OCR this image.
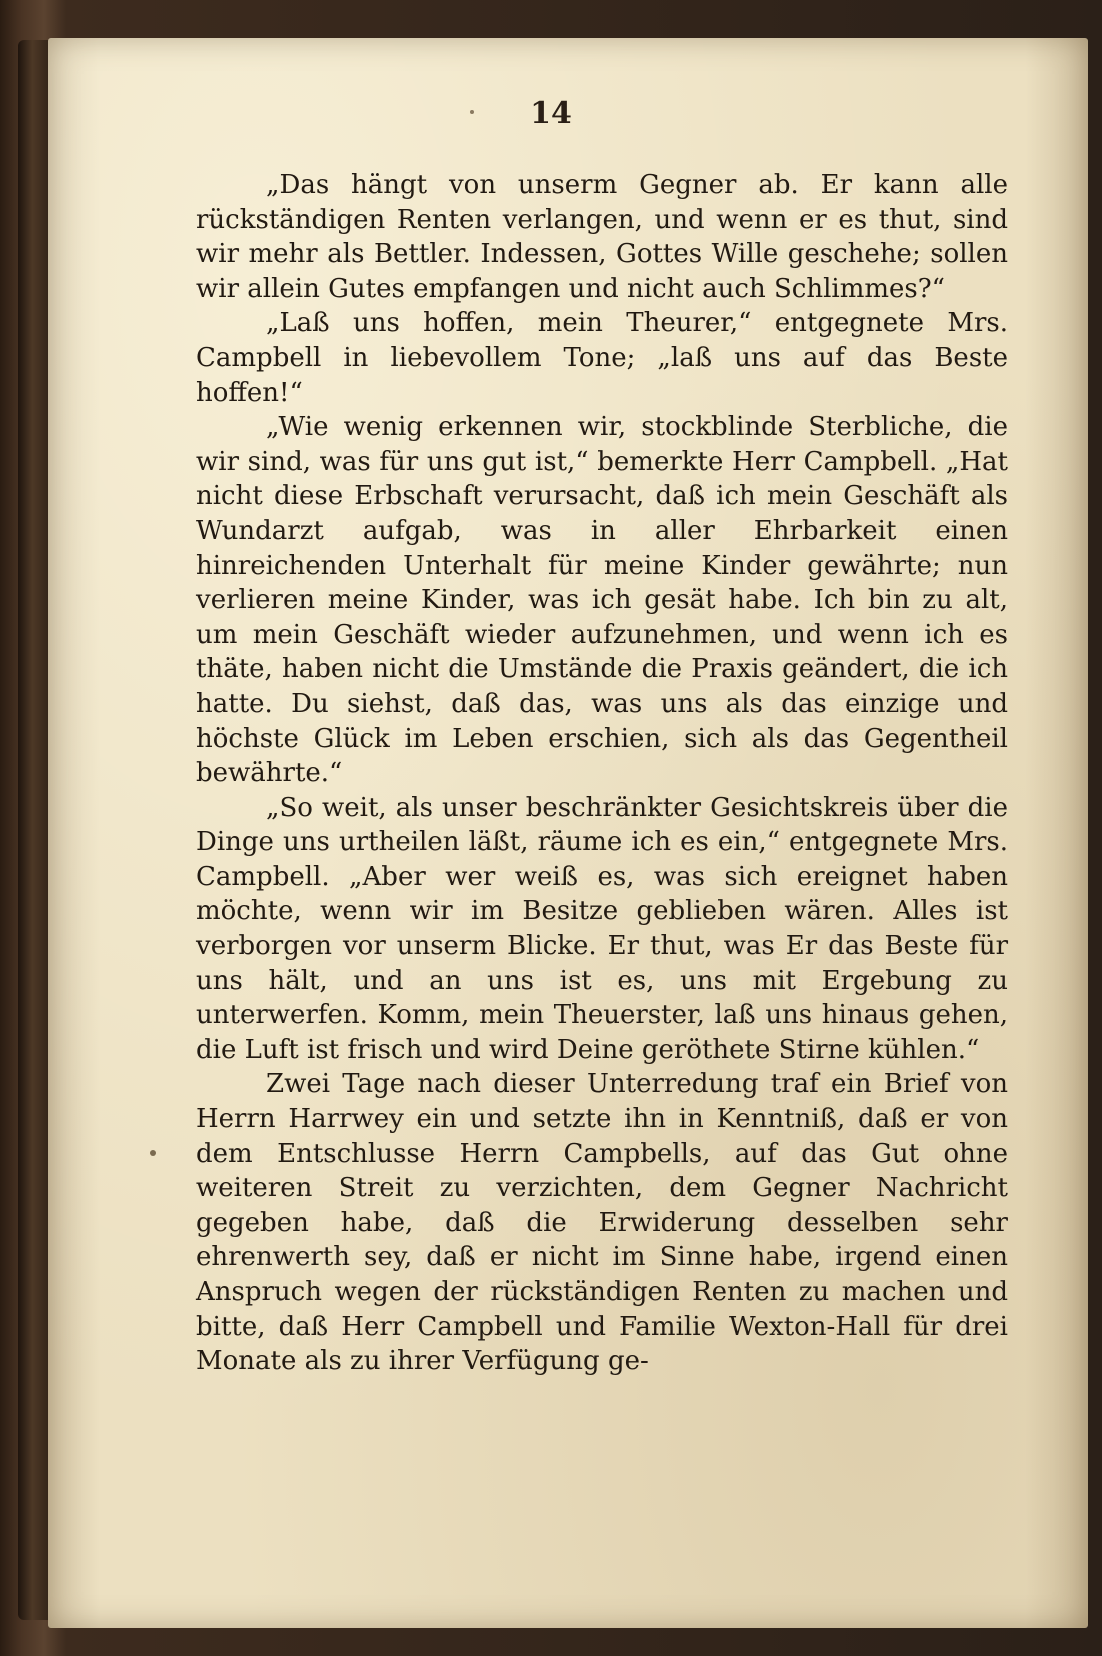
14

„Das hängt von unserm Gegner ab. Er kann alle rückständigen Renten verlangen, und wenn er es thut, sind wir mehr als Bettler. Indessen, Gottes Wille geschehe; sollen wir allein Gutes empfangen und nicht auch Schlimmes?“

„Laß uns hoffen, mein Theurer,“ entgegnete Mrs. Campbell in liebevollem Tone; „laß uns auf das Beste hoffen!“

„Wie wenig erkennen wir, stockblinde Sterbliche, die wir sind, was für uns gut ist,“ bemerkte Herr Campbell. „Hat nicht diese Erbschaft verursacht, daß ich mein Geschäft als Wundarzt aufgab, was in aller Ehrbarkeit einen hinreichenden Unterhalt für meine Kinder gewährte; nun verlieren meine Kinder, was ich gesät habe. Ich bin zu alt, um mein Geschäft wieder aufzunehmen, und wenn ich es thäte, haben nicht die Umstände die Praxis geändert, die ich hatte. Du siehst, daß das, was uns als das einzige und höchste Glück im Leben erschien, sich als das Gegentheil bewährte.“

„So weit, als unser beschränkter Gesichtskreis über die Dinge uns urtheilen läßt, räume ich es ein,“ entgegnete Mrs. Campbell. „Aber wer weiß es, was sich ereignet haben möchte, wenn wir im Besitze geblieben wären. Alles ist verborgen vor unserm Blicke. Er thut, was Er das Beste für uns hält, und an uns ist es, uns mit Ergebung zu unterwerfen. Komm, mein Theuerster, laß uns hinaus gehen, die Luft ist frisch und wird Deine geröthete Stirne kühlen.“

Zwei Tage nach dieser Unterredung traf ein Brief von Herrn Harrwey ein und setzte ihn in Kenntniß, daß er von dem Entschlusse Herrn Campbells, auf das Gut ohne weiteren Streit zu verzichten, dem Gegner Nachricht gegeben habe, daß die Erwiderung desselben sehr ehrenwerth sey, daß er nicht im Sinne habe, irgend einen Anspruch wegen der rückständigen Renten zu machen und bitte, daß Herr Campbell und Familie Wexton-Hall für drei Monate als zu ihrer Verfügung ge-
